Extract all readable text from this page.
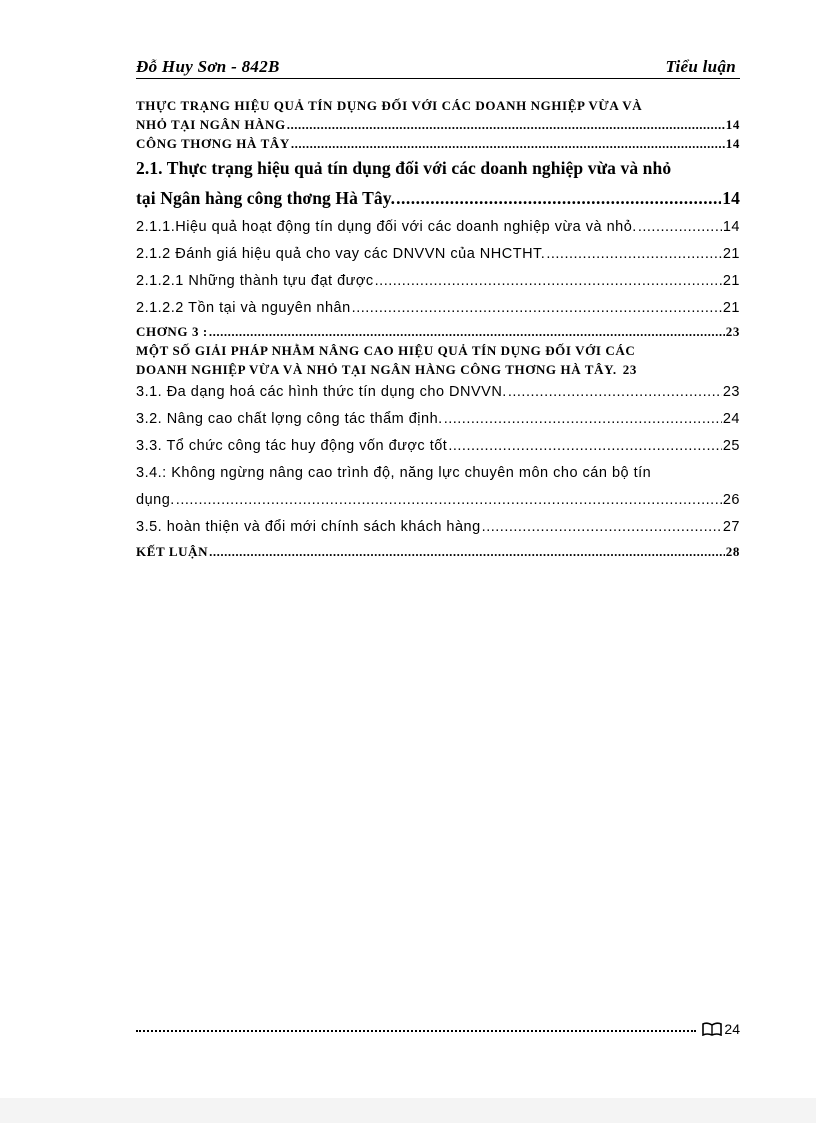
Đỗ Huy Sơn - 842B	Tiểu luận
THỰC TRẠNG HIỆU QUẢ TÍN DỤNG ĐỐI VỚI CÁC DOANH NGHIỆP VỪA VÀ
NHỎ TẠI NGÂN HÀNG .....	14
CÔNG THƠNG HÀ TÂY .....	14
2.1. Thực trạng hiệu quả tín dụng đối với các doanh nghiệp vừa và nhỏ
tại Ngân hàng công thơng Hà Tây. .....	14
2.1.1.Hiệu quả hoạt động tín dụng đối với các doanh nghiệp vừa và nhỏ. .....	14
2.1.2 Đánh giá hiệu quả cho vay các DNVVN của NHCTHT. .....	21
2.1.2.1 Những thành tựu đạt được .....	21
2.1.2.2 Tồn tại và nguyên nhân .....	21
CHƠNG 3 : .....	23
MỘT SỐ GIẢI PHÁP NHẰM NÂNG CAO HIỆU QUẢ TÍN DỤNG ĐỐI VỚI CÁC
DOANH NGHIỆP VỪA VÀ NHỎ TẠI NGÂN HÀNG CÔNG THƠNG HÀ TÂY. 23
3.1. Đa dạng hoá các hình thức tín dụng cho DNVVN. .....	23
3.2. Nâng cao chất lợng công tác thẩm định. .....	24
3.3. Tổ chức công tác huy động vốn được tốt .....	25
3.4.: Không ngừng nâng cao trình độ, năng lực chuyên môn cho cán bộ tín
dụng. .....	26
3.5. hoàn thiện và đổi mới chính sách khách hàng .....	27
KẾT LUẬN .....	28
24
